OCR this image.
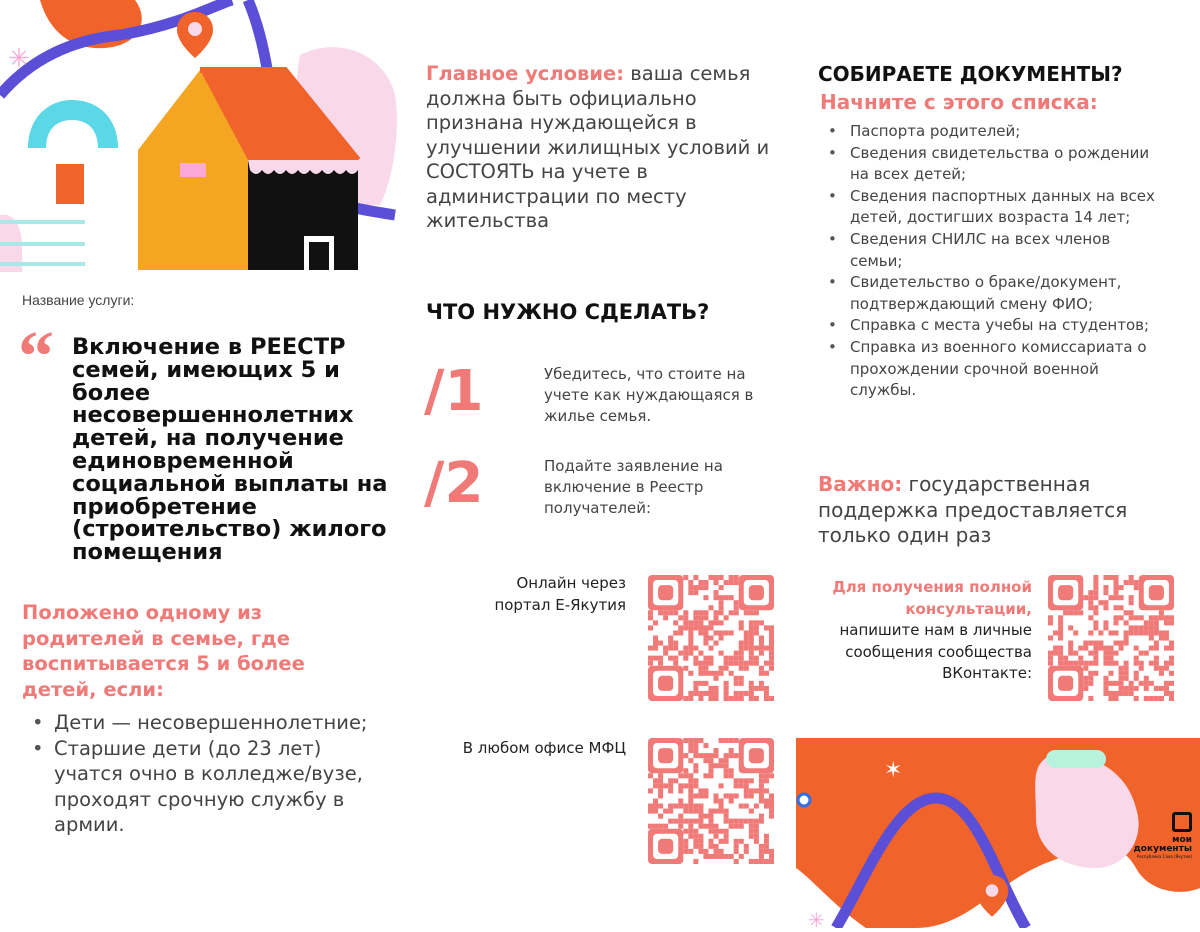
✳
Название услуги:
“ Включение в РЕЕСТР семей, имеющих 5 и более несовершеннолетних детей, на получение единовременной социальной выплаты на приобретение (строительство) жилого помещения
Положено одному из родителей в семье, где воспитывается 5 и более детей, если:
• Дети — несовершеннолетние;
• Старшие дети (до 23 лет) учатся очно в колледже/вузе, проходят срочную службу в армии.
Главное условие: ваша семья должна быть официально признана нуждающейся в улучшении жилищных условий и СОСТОЯТЬ на учете в администрации по месту жительства
ЧТО НУЖНО СДЕЛАТЬ?
/1	Убедитесь, что стоите на учете как нуждающаяся в жилье семья.
/2	Подайте заявление на включение в Реестр получателей:
Онлайн через портал Е-Якутия
В любом офисе МФЦ
СОБИРАЕТЕ ДОКУМЕНТЫ?
Начните с этого списка:
• Паспорта родителей;
• Сведения свидетельства о рождении на всех детей;
• Сведения паспортных данных на всех детей, достигших возраста 14 лет;
• Сведения СНИЛС на всех членов семьи;
• Свидетельство о браке/документ, подтверждающий смену ФИО;
• Справка с места учебы на студентов;
• Справка из военного комиссариата о прохождении срочной военной службы.
Важно: государственная поддержка предоставляется только один раз
Для получения полной консультации,
напишите нам в личные сообщения сообщества ВКонтакте:
✶
✳
мои документы
Республика Саха (Якутия)
